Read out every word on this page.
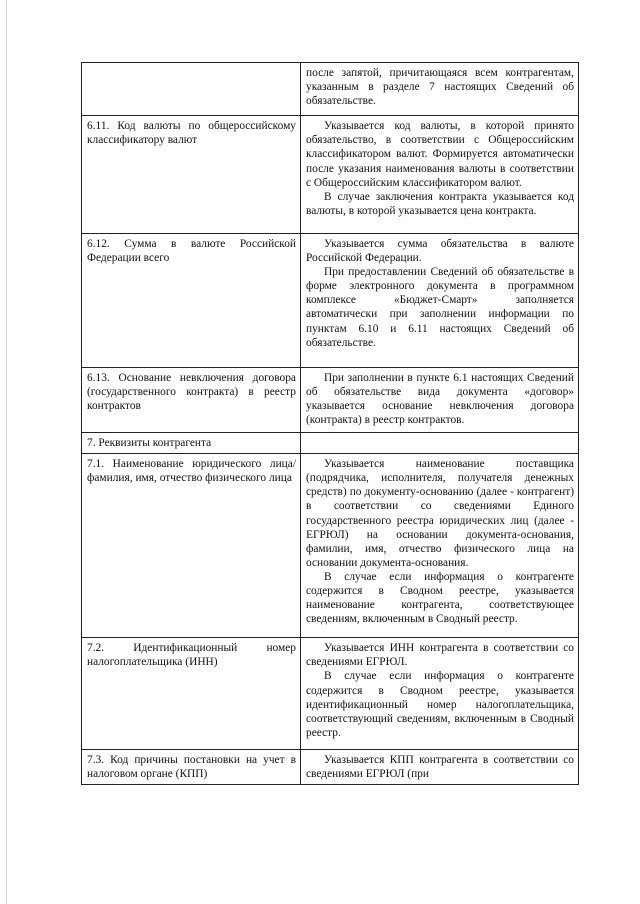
	после запятой, причитающаяся всем контрагентам, указанным в разделе 7 настоящих Сведений об обязательстве.

6.11. Код валюты по общероссийскому классификатору валют	Указывается код валюты, в которой принято обязательство, в соответствии с Общероссийским классификатором валют. Формируется автоматически после указания наименования валюты в соответствии с Общероссийским классификатором валют.

В случае заключения контракта указывается код валюты, в которой указывается цена контракта.

6.12. Сумма в валюте Российской Федерации всего	Указывается сумма обязательства в валюте Российской Федерации.

При предоставлении Сведений об обязательстве в форме электронного документа в программном комплексе «Бюджет-Смарт» заполняется автоматически при заполнении информации по пунктам 6.10 и 6.11 настоящих Сведений об обязательстве.

6.13. Основание невключения договора (государственного контракта) в реестр контрактов	При заполнении в пункте 6.1 настоящих Сведений об обязательстве вида документа «договор» указывается основание невключения договора (контракта) в реестр контрактов.

7. Реквизиты контрагента	

7.1. Наименование юридического лица/фамилия, имя, отчество физического лица	Указывается наименование поставщика (подрядчика, исполнителя, получателя денежных средств) по документу-основанию (далее - контрагент) в соответствии со сведениями Единого государственного реестра юридических лиц (далее - ЕГРЮЛ) на основании документа-основания, фамилии, имя, отчество физического лица на основании документа-основания.

В случае если информация о контрагенте содержится в Сводном реестре, указывается наименование контрагента, соответствующее сведениям, включенным в Сводный реестр.

7.2. Идентификационный номер налогоплательщика (ИНН)	Указывается ИНН контрагента в соответствии со сведениями ЕГРЮЛ.

В случае если информация о контрагенте содержится в Сводном реестре, указывается идентификационный номер налогоплательщика, соответствующий сведениям, включенным в Сводный реестр.

7.3. Код причины постановки на учет в налоговом органе (КПП)	Указывается КПП контрагента в соответствии со сведениями ЕГРЮЛ (при
